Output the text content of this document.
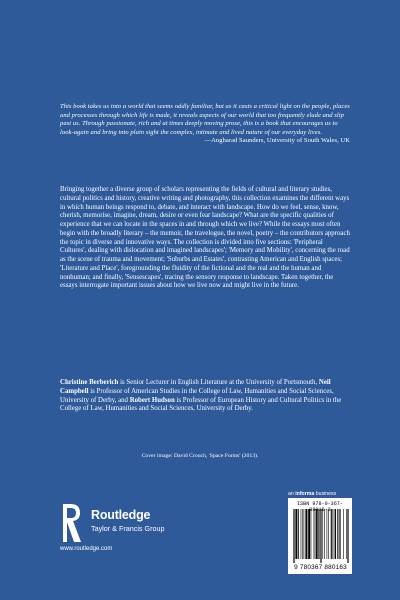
This book takes us into a world that seems oddly familiar, but as it casts a critical light on the people, places and processes through which life is made, it reveals aspects of our world that too frequently elude and slip past us. Through passionate, rich and at times deeply moving prose, this is a book that encourages us to look-again and bring into plain sight the complex, intimate and lived nature of our everyday lives.
—Angharad Saunders, University of South Wales, UK
Bringing together a diverse group of scholars representing the fields of cultural and literary studies, cultural politics and history, creative writing and photography, this collection examines the different ways in which human beings respond to, debate, and interact with landscape. How do we feel, sense, know, cherish, memorise, imagine, dream, desire or even fear landscape? What are the specific qualities of experience that we can locate in the spaces in and through which we live? While the essays most often begin with the broadly literary – the memoir, the travelogue, the novel, poetry – the contributors approach the topic in diverse and innovative ways. The collection is divided into five sections: 'Peripheral Cultures', dealing with dislocation and imagined landscapes'; 'Memory and Mobility', concerning the road as the scene of trauma and movement; 'Suburbs and Estates', contrasting American and English spaces; 'Literature and Place', foregrounding the fluidity of the fictional and the real and the human and nonhuman; and finally, 'Sensescapes', tracing the sensory response to landscape. Taken together, the essays interrogate important issues about how we live now and might live in the future.
Christine Berberich is Senior Lecturer in English Literature at the University of Portsmouth, Neil Campbell is Professor of American Studies in the College of Law, Humanities and Social Sciences, University of Derby, and Robert Hudson is Professor of European History and Cultural Politics in the College of Law, Humanities and Social Sciences, University of Derby.
Cover image: David Crouch, 'Space Forms' (2013).
Routledge
Taylor & Francis Group
www.routledge.com
an informa business
ISBN 978-0-367-88016-3
9 780367 880163
